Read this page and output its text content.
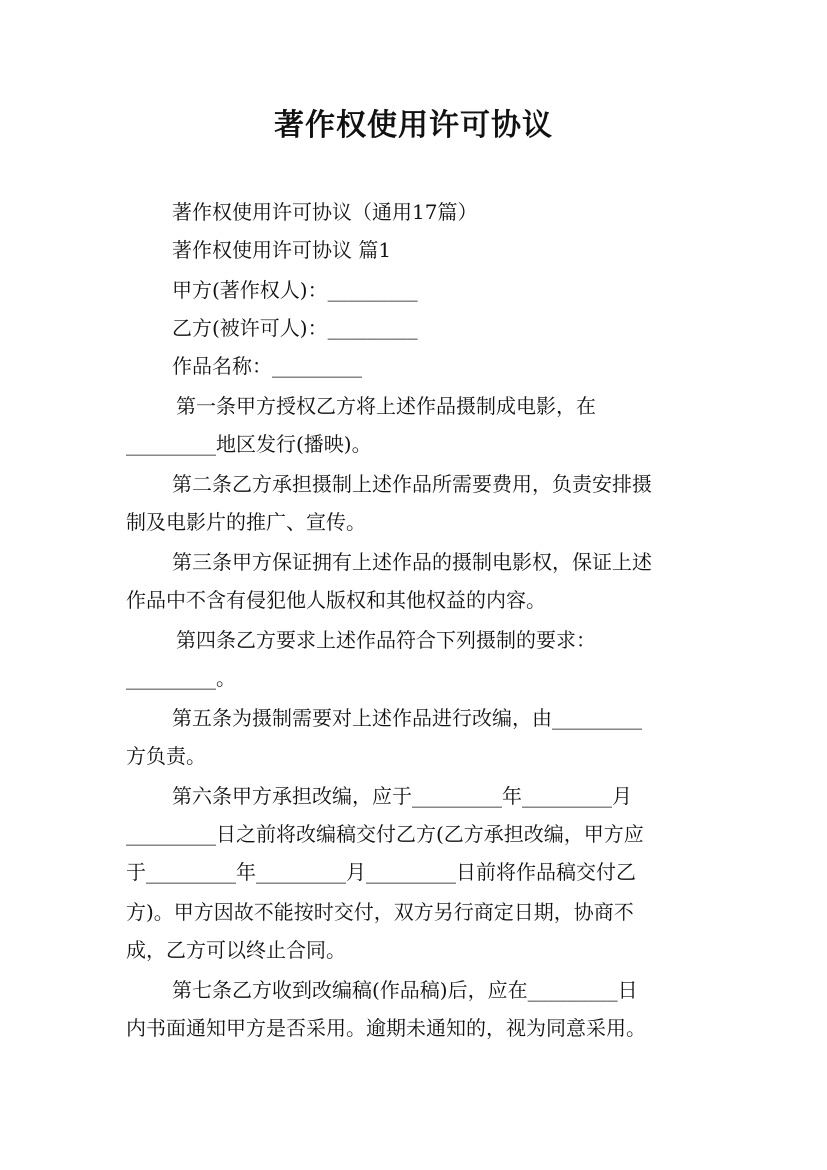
著作权使用许可协议
著作权使用许可协议（通用17篇）
著作权使用许可协议 篇1
甲方(著作权人)：_________
乙方(被许可人)：_________
作品名称：_________
第一条甲方授权乙方将上述作品摄制成电影，在
_________地区发行(播映)。
第二条乙方承担摄制上述作品所需要费用，负责安排摄
制及电影片的推广、宣传。
第三条甲方保证拥有上述作品的摄制电影权，保证上述
作品中不含有侵犯他人版权和其他权益的内容。
第四条乙方要求上述作品符合下列摄制的要求：
_________。
第五条为摄制需要对上述作品进行改编，由_________
方负责。
第六条甲方承担改编，应于_________年_________月
_________日之前将改编稿交付乙方(乙方承担改编，甲方应
于_________年_________月_________日前将作品稿交付乙
方)。甲方因故不能按时交付，双方另行商定日期，协商不
成，乙方可以终止合同。
第七条乙方收到改编稿(作品稿)后，应在_________日
内书面通知甲方是否采用。逾期未通知的，视为同意采用。
